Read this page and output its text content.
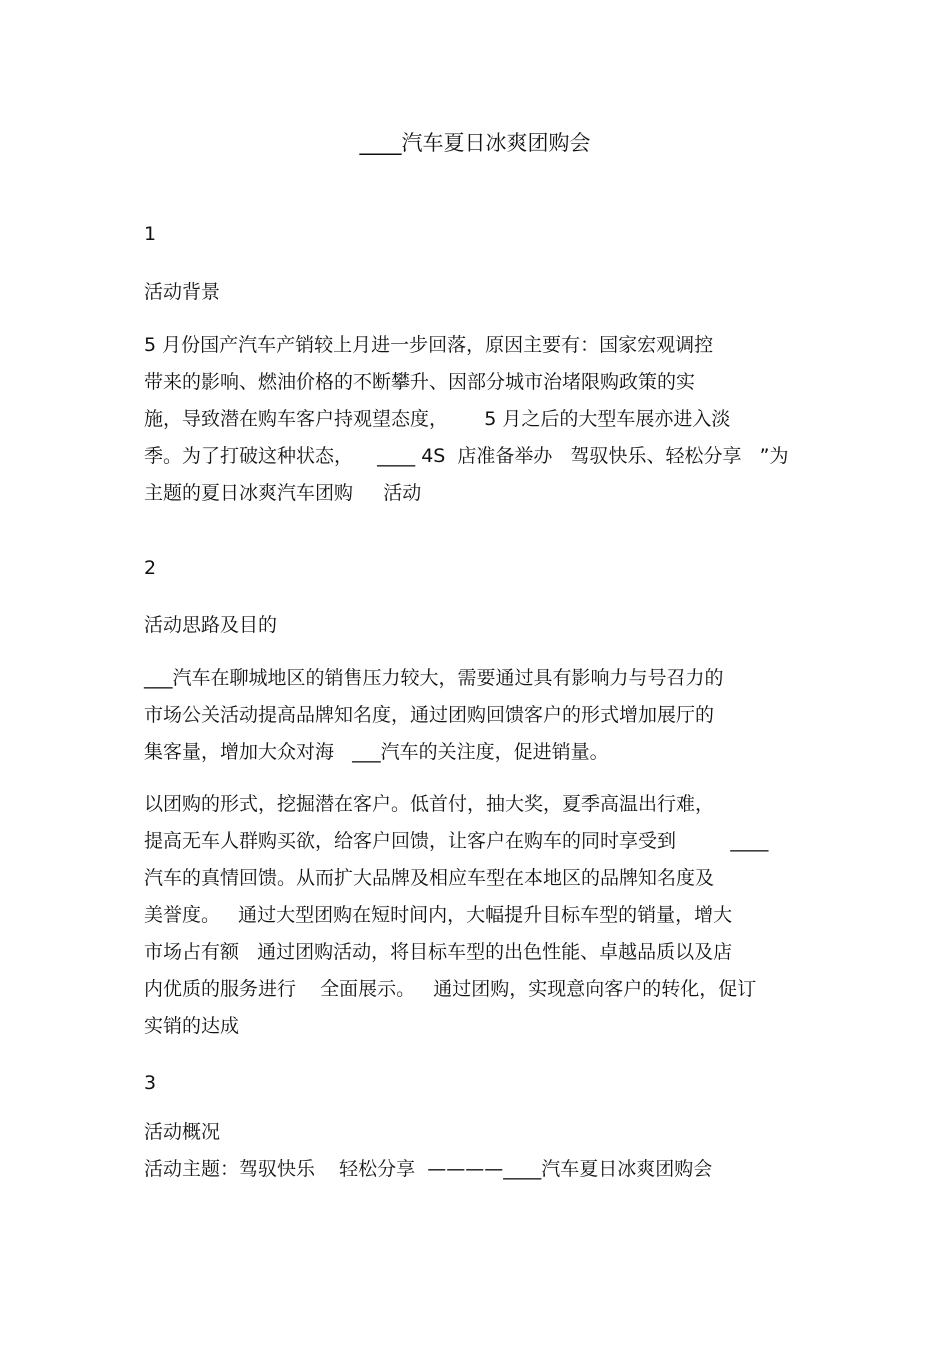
____汽车夏日冰爽团购会
1
活动背景
5 月份国产汽车产销较上月进一步回落，原因主要有：国家宏观调控
带来的影响、燃油价格的不断攀升、因部分城市治堵限购政策的实
施，导致潜在购车客户持观望态度，      5 月之后的大型车展亦进入淡
季。为了打破这种状态，    ____ 4S  店准备举办   驾驭快乐、轻松分享   ”为
主题的夏日冰爽汽车团购     活动
2
活动思路及目的
___汽车在聊城地区的销售压力较大，需要通过具有影响力与号召力的
市场公关活动提高品牌知名度，通过团购回馈客户的形式增加展厅的
集客量，增加大众对海   ___汽车的关注度，促进销量。
以团购的形式，挖掘潜在客户。低首付，抽大奖，夏季高温出行难，
提高无车人群购买欲，给客户回馈，让客户在购车的同时享受到         ____
汽车的真情回馈。从而扩大品牌及相应车型在本地区的品牌知名度及
美誉度。   通过大型团购在短时间内，大幅提升目标车型的销量，增大
市场占有额   通过团购活动，将目标车型的出色性能、卓越品质以及店
内优质的服务进行    全面展示。   通过团购，实现意向客户的转化，促订
实销的达成
3
活动概况
活动主题：驾驭快乐    轻松分享  ————____汽车夏日冰爽团购会
